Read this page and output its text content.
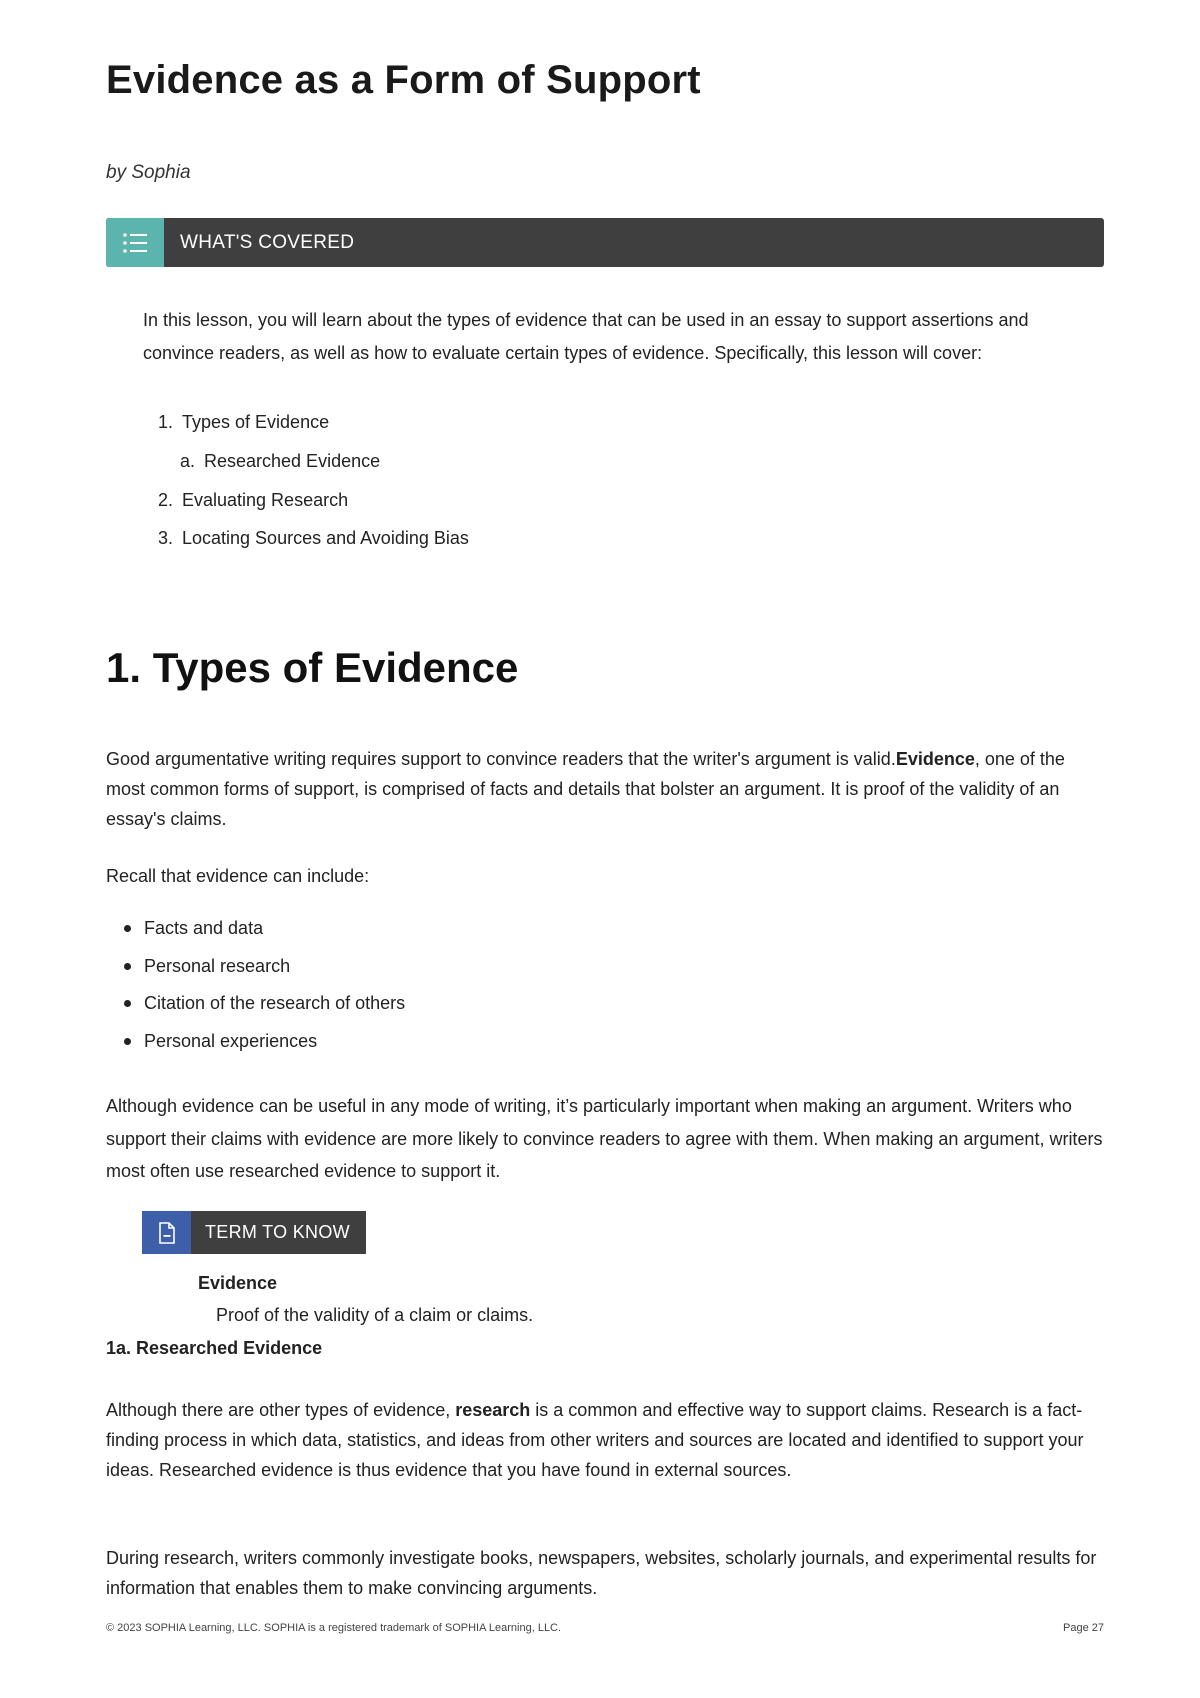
Evidence as a Form of Support
by Sophia
WHAT'S COVERED
In this lesson, you will learn about the types of evidence that can be used in an essay to support assertions and convince readers, as well as how to evaluate certain types of evidence. Specifically, this lesson will cover:
1. Types of Evidence
a. Researched Evidence
2. Evaluating Research
3. Locating Sources and Avoiding Bias
1. Types of Evidence
Good argumentative writing requires support to convince readers that the writer's argument is valid.Evidence, one of the most common forms of support, is comprised of facts and details that bolster an argument. It is proof of the validity of an essay's claims.
Recall that evidence can include:
Facts and data
Personal research
Citation of the research of others
Personal experiences
Although evidence can be useful in any mode of writing, it’s particularly important when making an argument. Writers who support their claims with evidence are more likely to convince readers to agree with them. When making an argument, writers most often use researched evidence to support it.
TERM TO KNOW
Evidence
Proof of the validity of a claim or claims.
1a. Researched Evidence
Although there are other types of evidence, research is a common and effective way to support claims. Research is a fact-finding process in which data, statistics, and ideas from other writers and sources are located and identified to support your ideas. Researched evidence is thus evidence that you have found in external sources.
During research, writers commonly investigate books, newspapers, websites, scholarly journals, and experimental results for information that enables them to make convincing arguments.
© 2023 SOPHIA Learning, LLC. SOPHIA is a registered trademark of SOPHIA Learning, LLC.	Page 27
